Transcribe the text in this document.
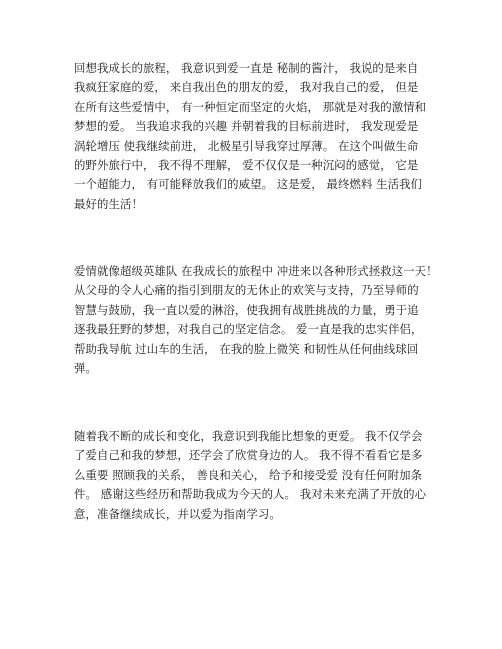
回想我成长的旅程， 我意识到爱一直是 秘制的酱汁， 我说的是来自
我疯狂家庭的爱， 来自我出色的朋友的爱， 我对我自己的爱， 但是
在所有这些爱情中， 有一种恒定而坚定的火焰， 那就是对我的激情和
梦想的爱。 当我追求我的兴趣 并朝着我的目标前进时， 我发现爱是
涡轮增压 使我继续前进， 北极星引导我穿过厚薄。 在这个叫做生命
的野外旅行中， 我不得不理解， 爱不仅仅是一种沉闷的感觉， 它是
一个超能力， 有可能释放我们的威望。 这是爱， 最终燃料 生活我们
最好的生活！
爱情就像超级英雄队 在我成长的旅程中 冲进来以各种形式拯救这一天！
从父母的令人心痛的指引到朋友的无休止的欢笑与支持，乃至导师的
智慧与鼓励，我一直以爱的淋浴，使我拥有战胜挑战的力量，勇于追
逐我最狂野的梦想，对我自己的坚定信念。 爱一直是我的忠实伴侣，
帮助我导航 过山车的生活， 在我的脸上微笑 和韧性从任何曲线球回
弹。
随着我不断的成长和变化，我意识到我能比想象的更爱。 我不仅学会
了爱自己和我的梦想，还学会了欣赏身边的人。 我不得不看看它是多
么重要 照顾我的关系， 善良和关心， 给予和接受爱 没有任何附加条
件。 感谢这些经历和帮助我成为今天的人。 我对未来充满了开放的心
意，准备继续成长，并以爱为指南学习。
